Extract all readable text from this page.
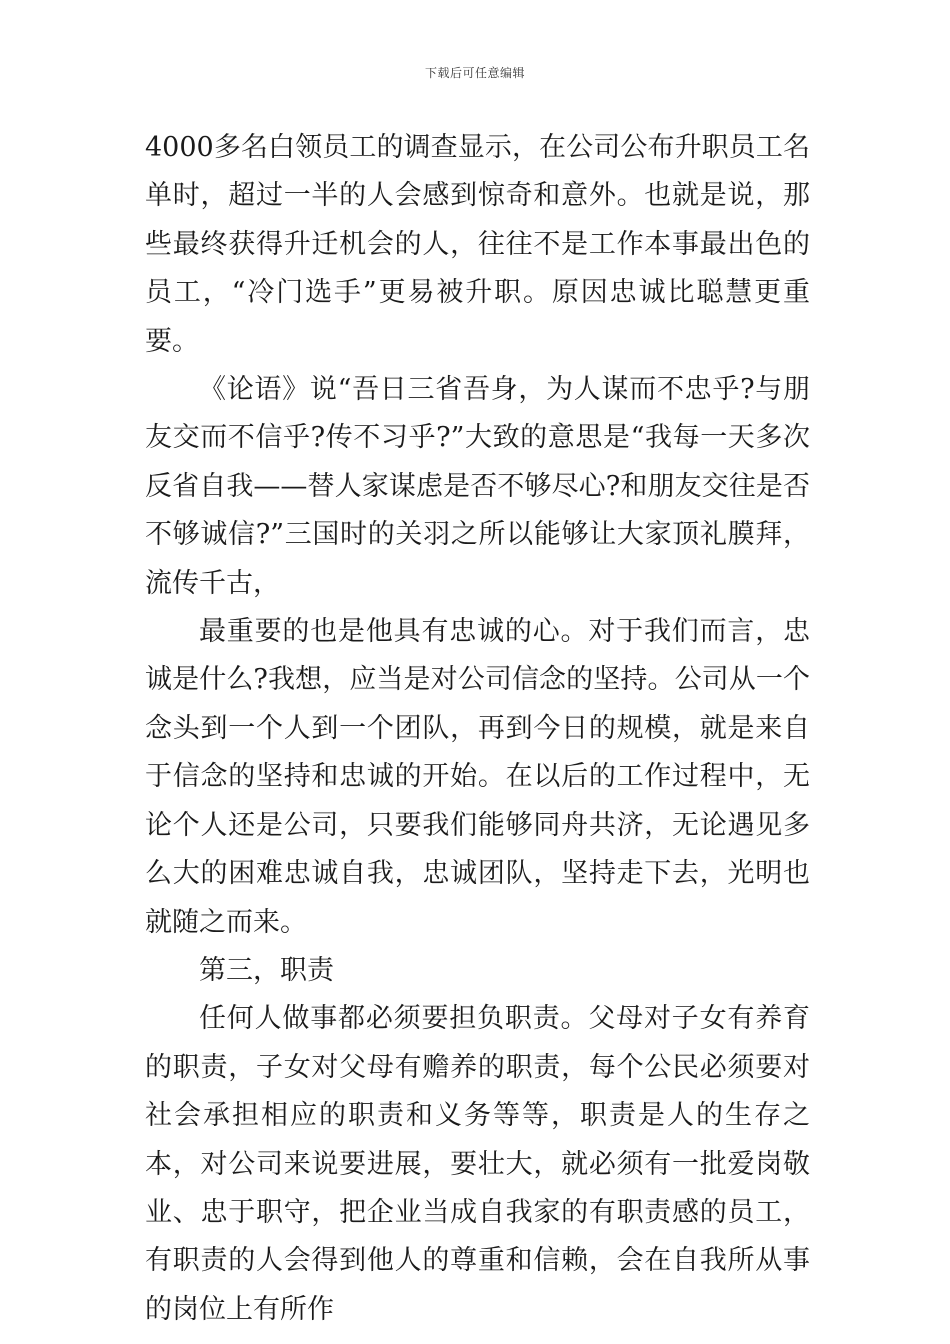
下载后可任意编辑

4000多名白领员工的调查显示，在公司公布升职员工名单时，超过一半的人会感到惊奇和意外。也就是说，那些最终获得升迁机会的人，往往不是工作本事最出色的员工，“冷门选手”更易被升职。原因忠诚比聪慧更重要。

《论语》说“吾日三省吾身，为人谋而不忠乎?与朋友交而不信乎?传不习乎?”大致的意思是“我每一天多次反省自我——替人家谋虑是否不够尽心?和朋友交往是否不够诚信?”三国时的关羽之所以能够让大家顶礼膜拜，流传千古，

最重要的也是他具有忠诚的心。对于我们而言，忠诚是什么?我想，应当是对公司信念的坚持。公司从一个念头到一个人到一个团队，再到今日的规模，就是来自于信念的坚持和忠诚的开始。在以后的工作过程中，无论个人还是公司，只要我们能够同舟共济，无论遇见多么大的困难忠诚自我，忠诚团队，坚持走下去，光明也就随之而来。

第三，职责

任何人做事都必须要担负职责。父母对子女有养育的职责，子女对父母有赡养的职责，每个公民必须要对社会承担相应的职责和义务等等，职责是人的生存之本，对公司来说要进展，要壮大，就必须有一批爱岗敬业、忠于职守，把企业当成自我家的有职责感的员工，有职责的人会得到他人的尊重和信赖，会在自我所从事的岗位上有所作
